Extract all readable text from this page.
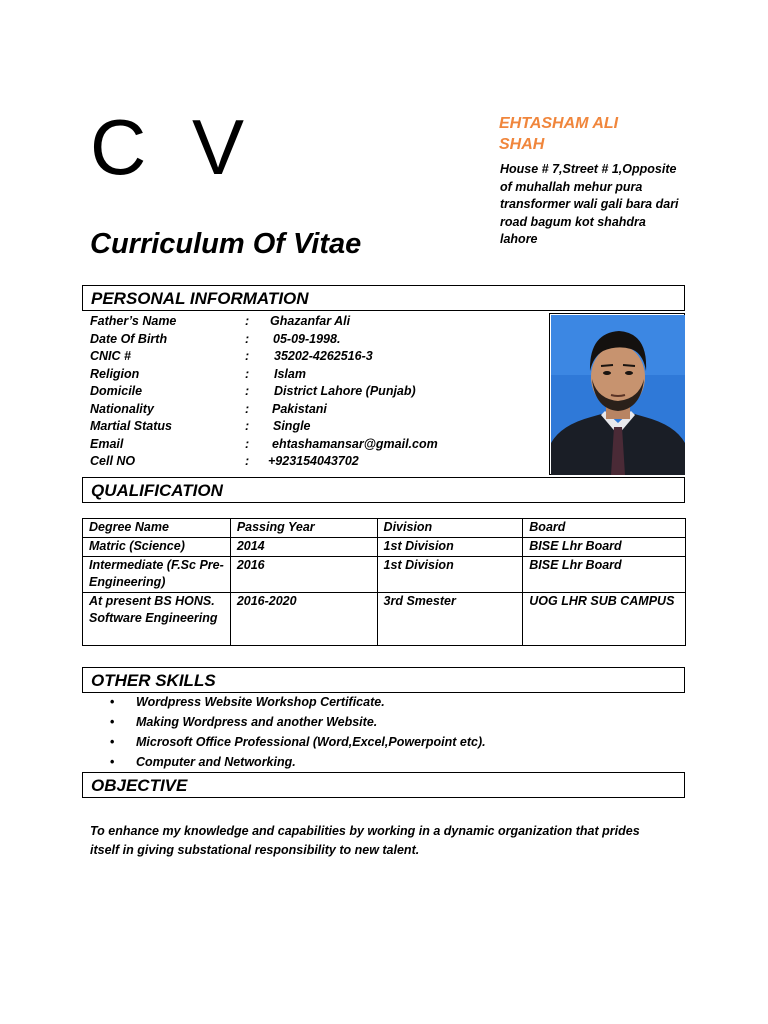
C V
Curriculum Of Vitae
EHTASHAM ALI SHAH
House # 7,Street # 1,Opposite of muhallah mehur pura transformer wali gali bara dari road bagum kot shahdra lahore
PERSONAL INFORMATION
Father’s Name	: Ghazanfar Ali
Date Of Birth	: 05-09-1998.
CNIC #	: 35202-4262516-3
Religion	: Islam
Domicile	: District Lahore (Punjab)
Nationality	: Pakistani
Martial Status	: Single
Email	: ehtashamansar@gmail.com
Cell NO	: +923154043702
QUALIFICATION
Degree Name	Passing Year	Division	Board
Matric (Science)	2014	1st Division	BISE Lhr Board
Intermediate (F.Sc Pre-Engineering)	2016	1st Division	BISE Lhr Board
At present BS HONS. Software Engineering	2016-2020	3rd Smester	UOG LHR SUB CAMPUS
OTHER SKILLS
• Wordpress Website Workshop Certificate.
• Making Wordpress and another Website.
• Microsoft Office Professional (Word,Excel,Powerpoint etc).
• Computer and Networking.
OBJECTIVE
To enhance my knowledge and capabilities by working in a dynamic organization that prides itself in giving substational responsibility to new talent.
